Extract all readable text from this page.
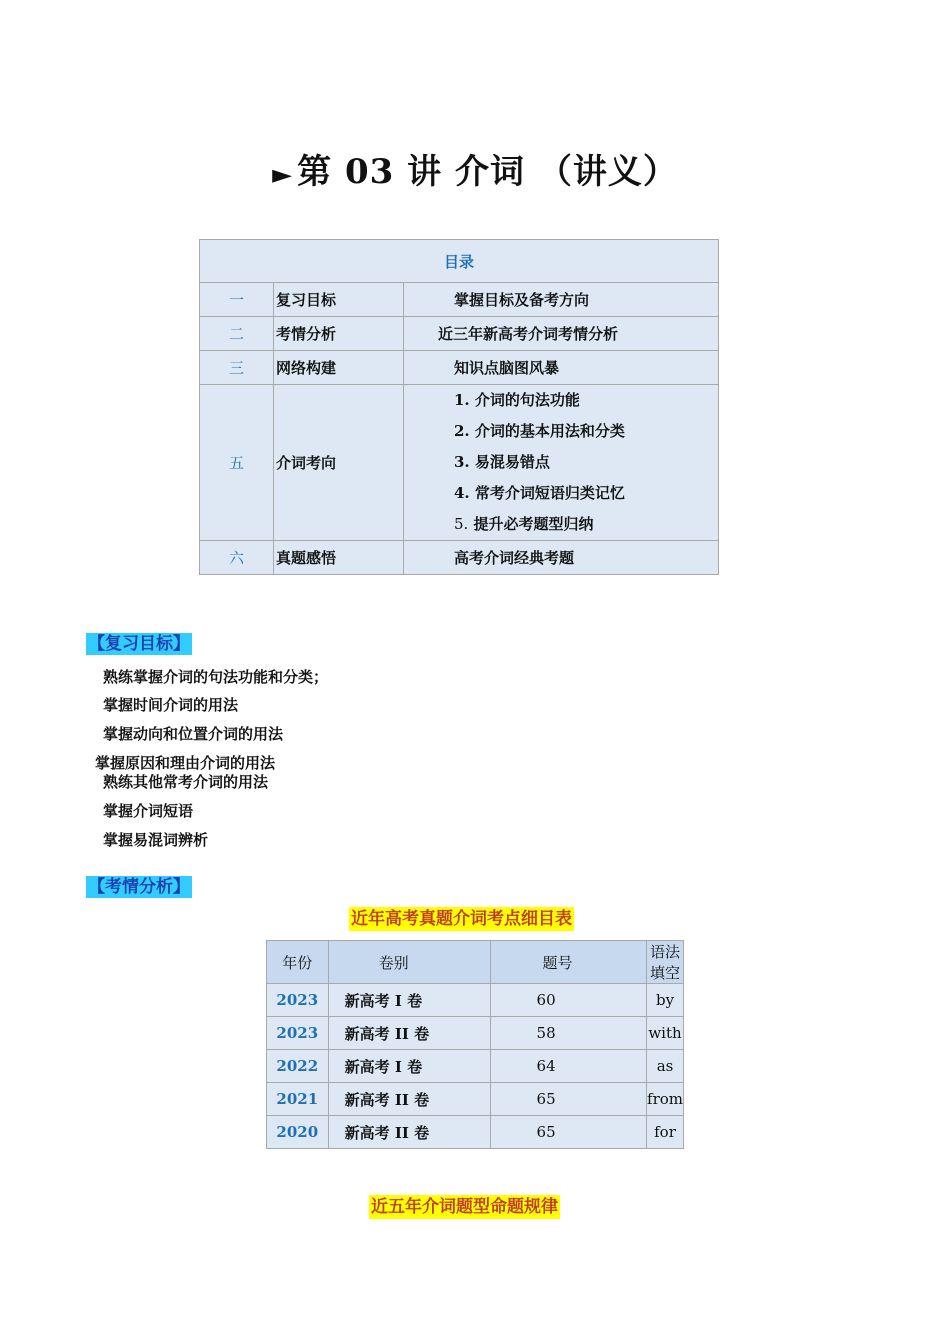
► 第 03 讲 介词 （讲义）
目录		
一	复习目标	掌握目标及备考方向
二	考情分析	近三年新高考介词考情分析
三	网络构建	知识点脑图风暴
五	介词考向	1. 介词的句法功能
2. 介词的基本用法和分类
3. 易混易错点
4. 常考介词短语归类记忆
5. 提升必考题型归纳

六	真题感悟	高考介词经典考题
【复习目标】
熟练掌握介词的句法功能和分类；
掌握时间介词的用法
掌握动向和位置介词的用法
掌握原因和理由介词的用法
熟练其他常考介词的用法
掌握介词短语
掌握易混词辨析
【考情分析】
近年高考真题介词考点细目表
年份	卷别	题号	语法填空
2023	新高考 I 卷	60	by
2023	新高考 II 卷	58	with
2022	新高考 I 卷	64	as
2021	新高考 II 卷	65	from
2020	新高考 II 卷	65	for
近五年介词题型命题规律
